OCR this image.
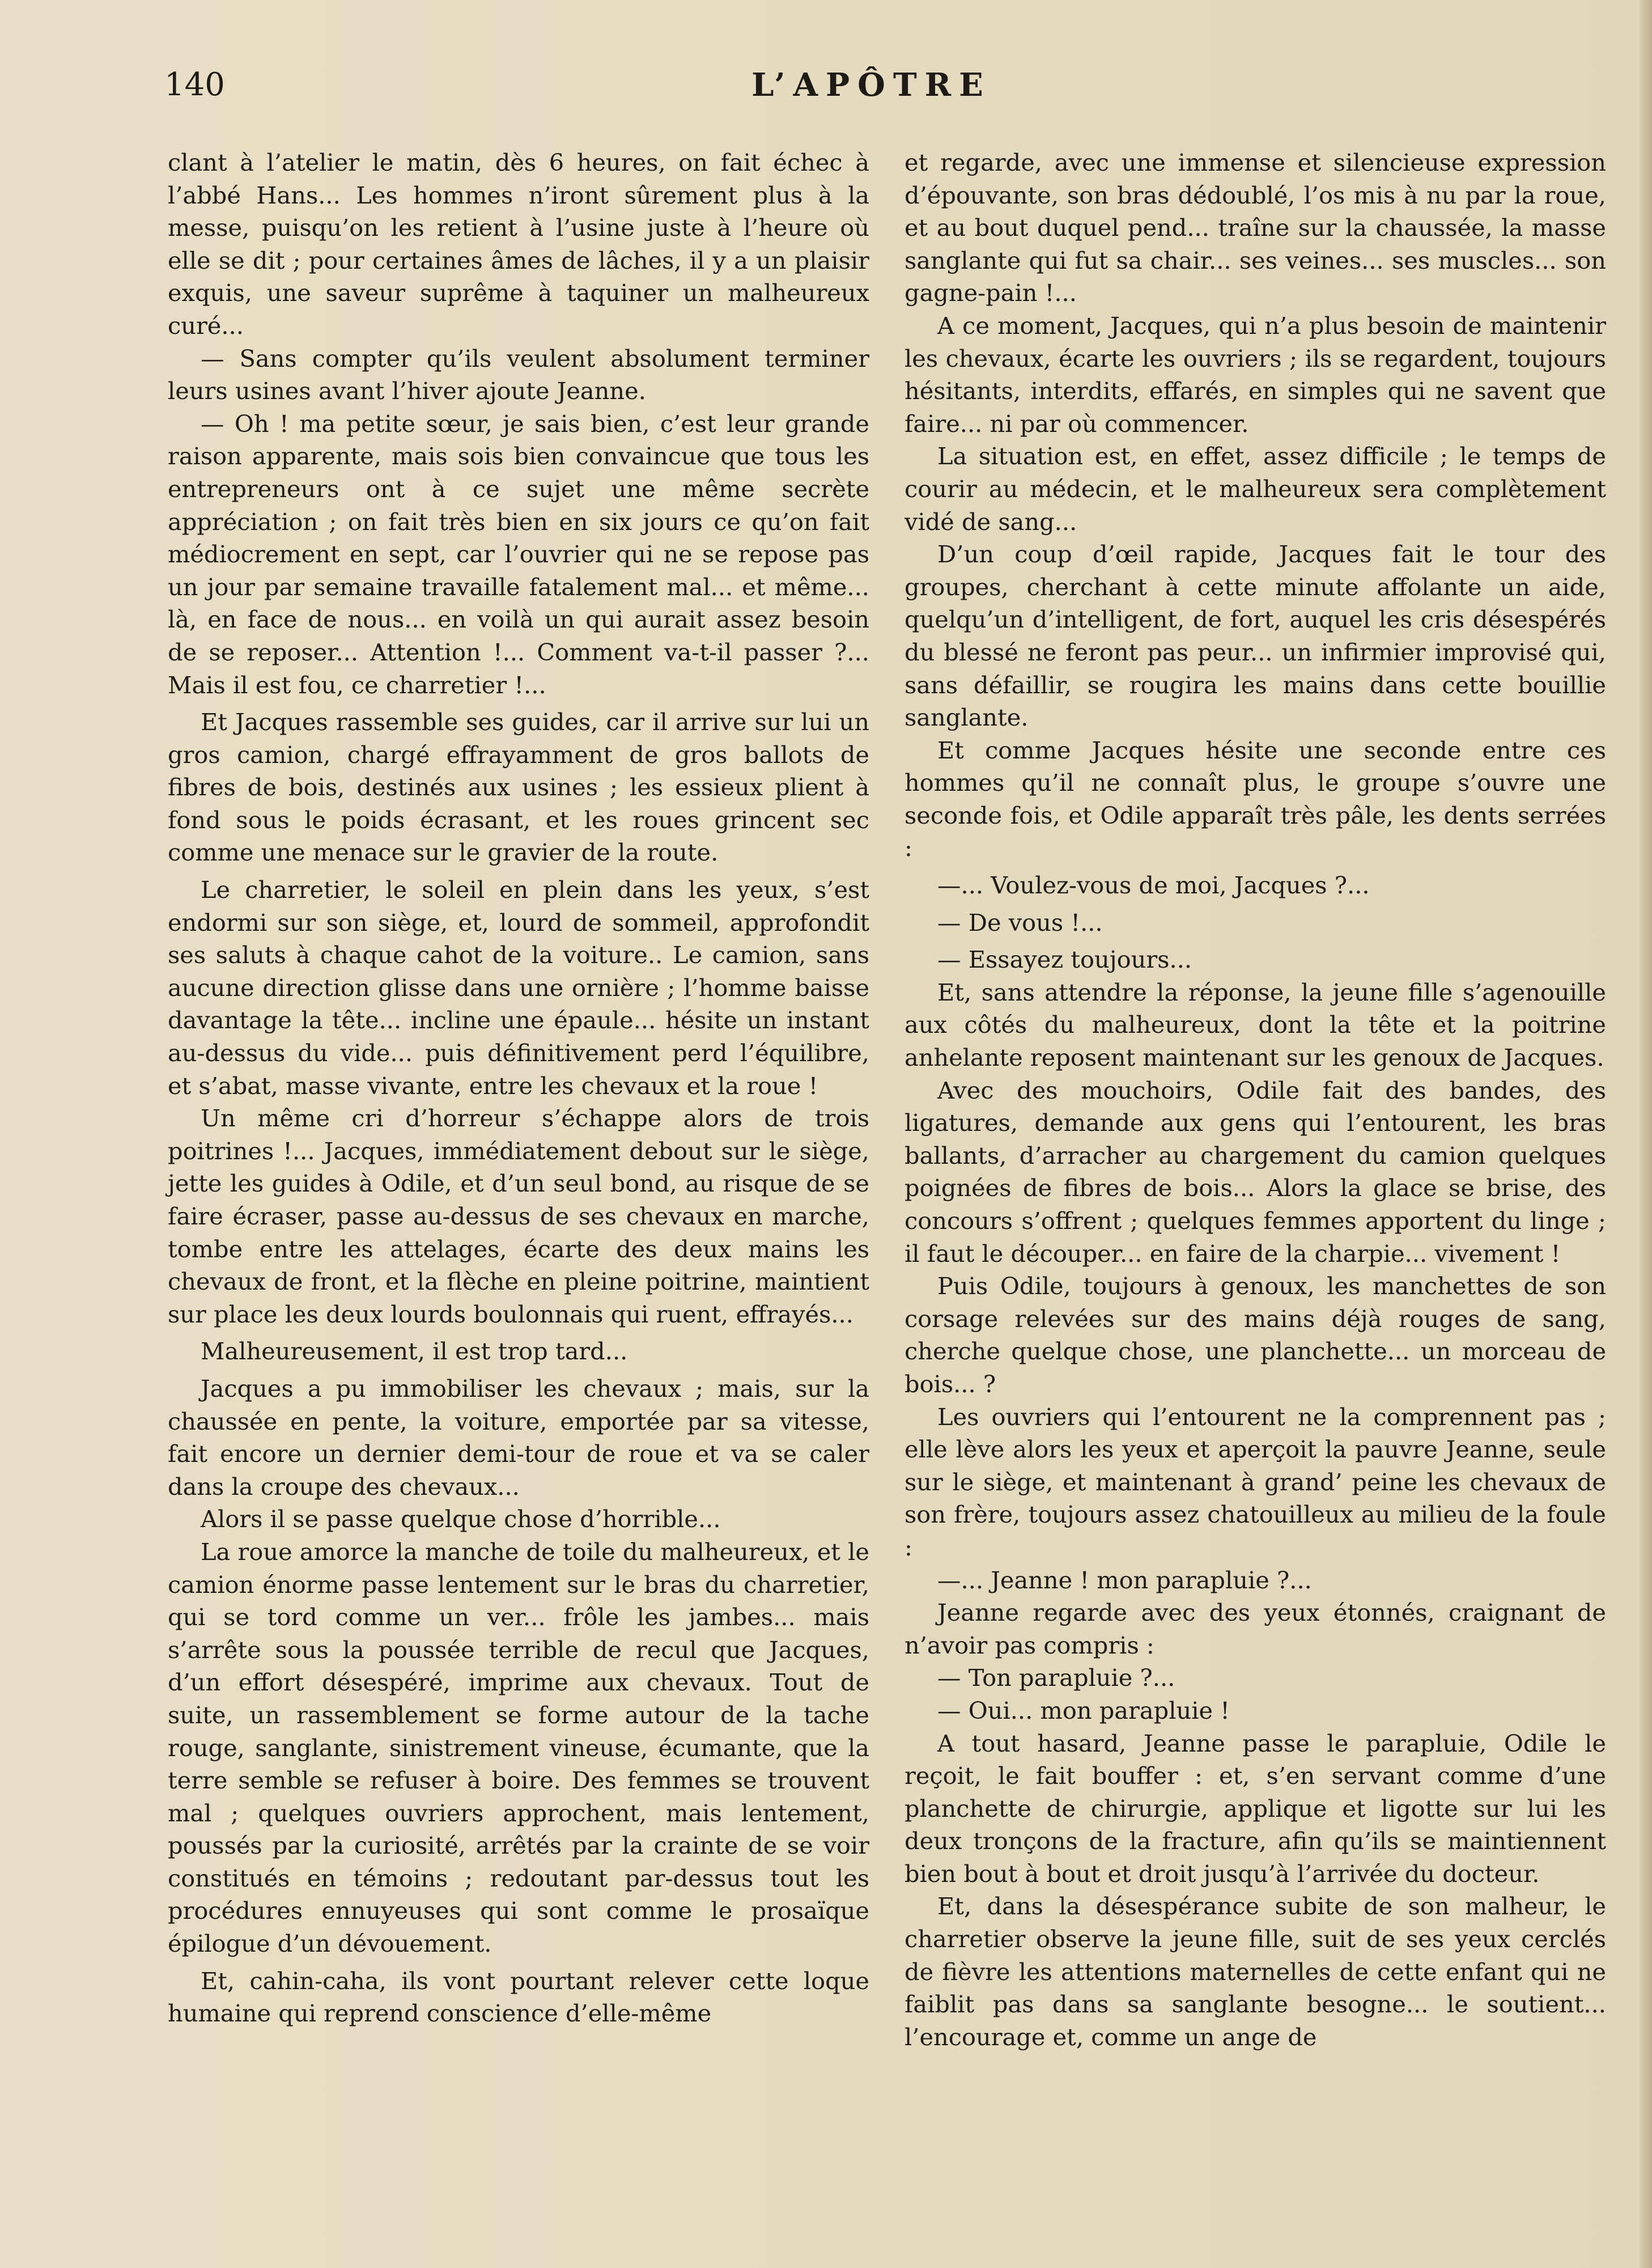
140	L’APÔTRE

clant à l’atelier le matin, dès 6 heures, on fait échec à l’abbé Hans... Les hommes n’iront sûrement plus à la messe, puisqu’on les retient à l’usine juste à l’heure où elle se dit ; pour certaines âmes de lâches, il y a un plaisir exquis, une saveur suprême à taquiner un malheureux curé...

— Sans compter qu’ils veulent absolument terminer leurs usines avant l’hiver ajoute Jeanne.

— Oh ! ma petite sœur, je sais bien, c’est leur grande raison apparente, mais sois bien convaincue que tous les entrepreneurs ont à ce sujet une même secrète appréciation ; on fait très bien en six jours ce qu’on fait médiocrement en sept, car l’ouvrier qui ne se repose pas un jour par semaine travaille fatalement mal... et même... là, en face de nous... en voilà un qui aurait assez besoin de se reposer... Attention !... Comment va-t-il passer ?... Mais il est fou, ce charretier !...

Et Jacques rassemble ses guides, car il arrive sur lui un gros camion, chargé effrayamment de gros ballots de fibres de bois, destinés aux usines ; les essieux plient à fond sous le poids écrasant, et les roues grincent sec comme une menace sur le gravier de la route.

Le charretier, le soleil en plein dans les yeux, s’est endormi sur son siège, et, lourd de sommeil, approfondit ses saluts à chaque cahot de la voiture.. Le camion, sans aucune direction glisse dans une ornière ; l’homme baisse davantage la tête... incline une épaule... hésite un instant au-dessus du vide... puis définitivement perd l’équilibre, et s’abat, masse vivante, entre les chevaux et la roue !

Un même cri d’horreur s’échappe alors de trois poitrines !... Jacques, immédiatement debout sur le siège, jette les guides à Odile, et d’un seul bond, au risque de se faire écraser, passe au-dessus de ses chevaux en marche, tombe entre les attelages, écarte des deux mains les chevaux de front, et la flèche en pleine poitrine, maintient sur place les deux lourds boulonnais qui ruent, effrayés...

Malheureusement, il est trop tard...

Jacques a pu immobiliser les chevaux ; mais, sur la chaussée en pente, la voiture, emportée par sa vitesse, fait encore un dernier demi-tour de roue et va se caler dans la croupe des chevaux...

Alors il se passe quelque chose d’horrible...

La roue amorce la manche de toile du malheureux, et le camion énorme passe lentement sur le bras du charretier, qui se tord comme un ver... frôle les jambes... mais s’arrête sous la poussée terrible de recul que Jacques, d’un effort désespéré, imprime aux chevaux. Tout de suite, un rassemblement se forme autour de la tache rouge, sanglante, sinistrement vineuse, écumante, que la terre semble se refuser à boire. Des femmes se trouvent mal ; quelques ouvriers approchent, mais lentement, poussés par la curiosité, arrêtés par la crainte de se voir constitués en témoins ; redoutant par-dessus tout les procédures ennuyeuses qui sont comme le prosaïque épilogue d’un dévouement.

Et, cahin-caha, ils vont pourtant relever cette loque humaine qui reprend conscience d’elle-même

et regarde, avec une immense et silencieuse expression d’épouvante, son bras dédoublé, l’os mis à nu par la roue, et au bout duquel pend... traîne sur la chaussée, la masse sanglante qui fut sa chair... ses veines... ses muscles... son gagne-pain !...

A ce moment, Jacques, qui n’a plus besoin de maintenir les chevaux, écarte les ouvriers ; ils se regardent, toujours hésitants, interdits, effarés, en simples qui ne savent que faire... ni par où commencer.

La situation est, en effet, assez difficile ; le temps de courir au médecin, et le malheureux sera complètement vidé de sang...

D’un coup d’œil rapide, Jacques fait le tour des groupes, cherchant à cette minute affolante un aide, quelqu’un d’intelligent, de fort, auquel les cris désespérés du blessé ne feront pas peur... un infirmier improvisé qui, sans défaillir, se rougira les mains dans cette bouillie sanglante.

Et comme Jacques hésite une seconde entre ces hommes qu’il ne connaît plus, le groupe s’ouvre une seconde fois, et Odile apparaît très pâle, les dents serrées :

—... Voulez-vous de moi, Jacques ?...

— De vous !...

— Essayez toujours...

Et, sans attendre la réponse, la jeune fille s’agenouille aux côtés du malheureux, dont la tête et la poitrine anhelante reposent maintenant sur les genoux de Jacques.

Avec des mouchoirs, Odile fait des bandes, des ligatures, demande aux gens qui l’entourent, les bras ballants, d’arracher au chargement du camion quelques poignées de fibres de bois... Alors la glace se brise, des concours s’offrent ; quelques femmes apportent du linge ; il faut le découper... en faire de la charpie... vivement !

Puis Odile, toujours à genoux, les manchettes de son corsage relevées sur des mains déjà rouges de sang, cherche quelque chose, une planchette... un morceau de bois... ?

Les ouvriers qui l’entourent ne la comprennent pas ; elle lève alors les yeux et aperçoit la pauvre Jeanne, seule sur le siège, et maintenant à grand’ peine les chevaux de son frère, toujours assez chatouilleux au milieu de la foule :

—... Jeanne ! mon parapluie ?...

Jeanne regarde avec des yeux étonnés, craignant de n’avoir pas compris :

— Ton parapluie ?...

— Oui... mon parapluie !

A tout hasard, Jeanne passe le parapluie, Odile le reçoit, le fait bouffer : et, s’en servant comme d’une planchette de chirurgie, applique et ligotte sur lui les deux tronçons de la fracture, afin qu’ils se maintiennent bien bout à bout et droit jusqu’à l’arrivée du docteur.

Et, dans la désespérance subite de son malheur, le charretier observe la jeune fille, suit de ses yeux cerclés de fièvre les attentions maternelles de cette enfant qui ne faiblit pas dans sa sanglante besogne... le soutient... l’encourage et, comme un ange de
